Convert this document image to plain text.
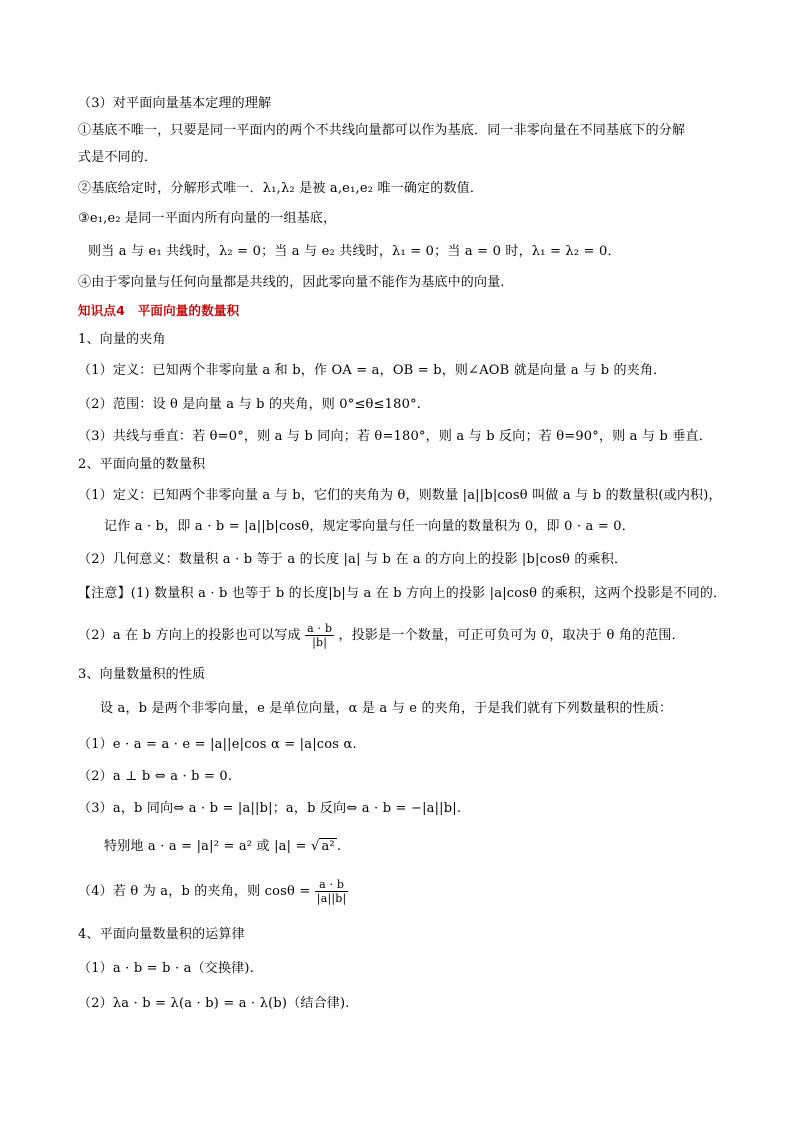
（3）对平面向量基本定理的理解
①基底不唯一，只要是同一平面内的两个不共线向量都可以作为基底．同一非零向量在不同基底下的分解
式是不同的．
②基底给定时，分解形式唯一．λ₁,λ₂ 是被 a,e₁,e₂ 唯一确定的数值．
③e₁,e₂ 是同一平面内所有向量的一组基底，
则当 a 与 e₁ 共线时，λ₂ = 0；当 a 与 e₂ 共线时，λ₁ = 0；当 a = 0 时，λ₁ = λ₂ = 0．
④由于零向量与任何向量都是共线的，因此零向量不能作为基底中的向量．
知识点4　平面向量的数量积
1、向量的夹角
（1）定义：已知两个非零向量 a 和 b，作 OA = a，OB = b，则∠AOB 就是向量 a 与 b 的夹角．
（2）范围：设 θ 是向量 a 与 b 的夹角，则 0°≤θ≤180°.
（3）共线与垂直：若 θ=0°，则 a 与 b 同向；若 θ=180°，则 a 与 b 反向；若 θ=90°，则 a 与 b 垂直．
2、平面向量的数量积
（1）定义：已知两个非零向量 a 与 b，它们的夹角为 θ，则数量 |a||b|cosθ 叫做 a 与 b 的数量积(或内积)，
记作 a · b，即 a · b = |a||b|cosθ，规定零向量与任一向量的数量积为 0，即 0 · a = 0．
（2）几何意义：数量积 a · b 等于 a 的长度 |a| 与 b 在 a 的方向上的投影 |b|cosθ 的乘积．
【注意】(1) 数量积 a · b 也等于 b 的长度|b|与 a 在 b 方向上的投影 |a|cosθ 的乘积，这两个投影是不同的．
（2）a 在 b 方向上的投影也可以写成 $\frac{a \cdot b}{|b|}$ ，投影是一个数量，可正可负可为 0，取决于 θ 角的范围．
3、向量数量积的性质
设 a，b 是两个非零向量，e 是单位向量，α 是 a 与 e 的夹角，于是我们就有下列数量积的性质：
（1）e · a = a · e = |a||e|cos α = |a|cos α.
（2）a ⊥ b ⇔ a · b = 0.
（3）a，b 同向⇔ a · b = |a||b|；a，b 反向⇔ a · b = −|a||b|.
特别地 a · a = |a|² = a² 或 |a| = √ a² .
（4）若 θ 为 a，b 的夹角，则 $\cos\theta = \frac{a \cdot b}{|a||b|}$
4、平面向量数量积的运算律
（1）a · b = b · a（交换律).
（2）λa · b = λ(a · b) = a · λ(b)（结合律).
